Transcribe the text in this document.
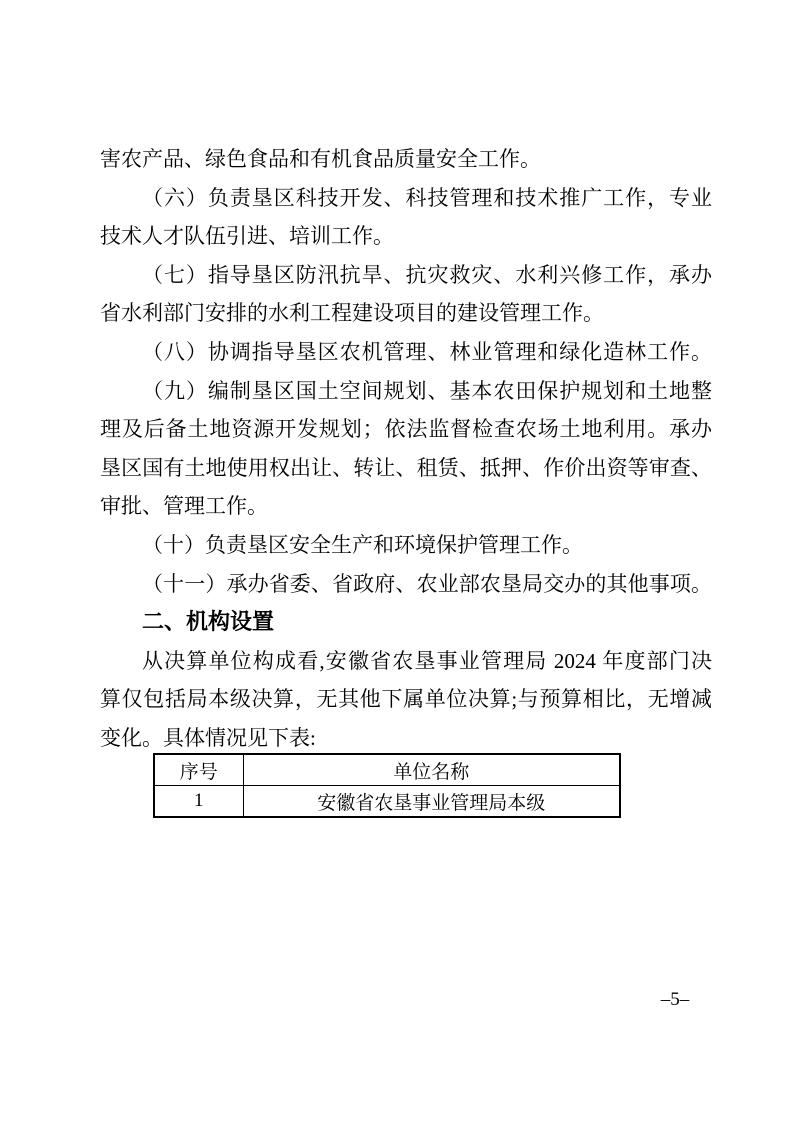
害农产品、绿色食品和有机食品质量安全工作。
（六）负责垦区科技开发、科技管理和技术推广工作，专业
技术人才队伍引进、培训工作。
（七）指导垦区防汛抗旱、抗灾救灾、水利兴修工作，承办
省水利部门安排的水利工程建设项目的建设管理工作。
（八）协调指导垦区农机管理、林业管理和绿化造林工作。
（九）编制垦区国土空间规划、基本农田保护规划和土地整
理及后备土地资源开发规划；依法监督检查农场土地利用。承办
垦区国有土地使用权出让、转让、租赁、抵押、作价出资等审查、
审批、管理工作。
（十）负责垦区安全生产和环境保护管理工作。
（十一）承办省委、省政府、农业部农垦局交办的其他事项。
二、机构设置
从决算单位构成看,安徽省农垦事业管理局 2024 年度部门决
算仅包括局本级决算，无其他下属单位决算;与预算相比，无增减
变化。具体情况见下表:
序号	单位名称
1	安徽省农垦事业管理局本级
–5–
